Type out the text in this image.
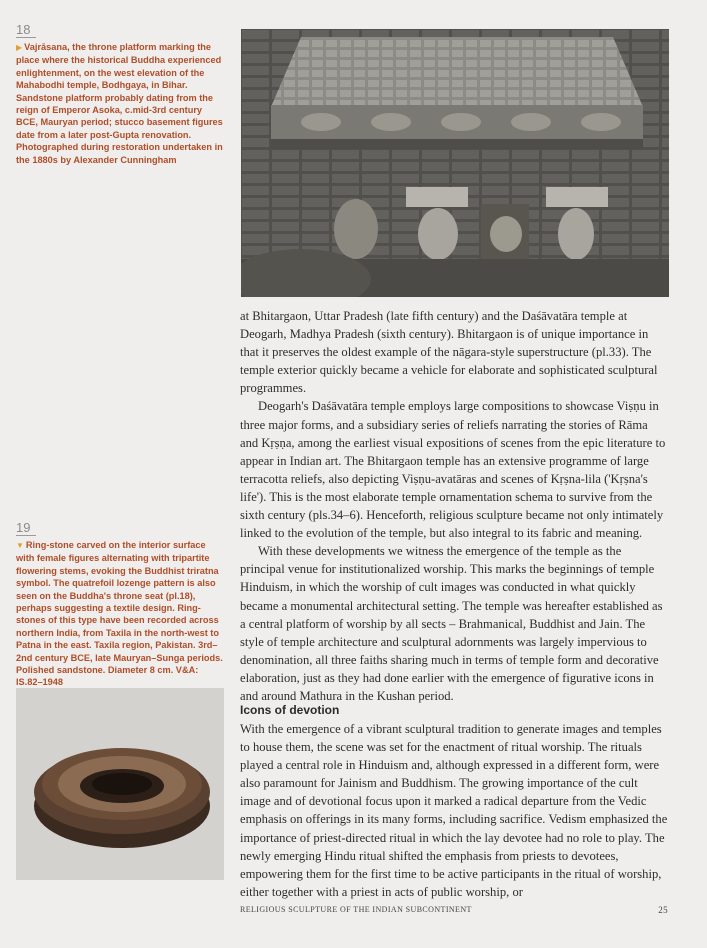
18
▶ Vajrāsana, the throne platform marking the place where the historical Buddha experienced enlightenment, on the west elevation of the Mahabodhi temple, Bodhgaya, in Bihar. Sandstone platform probably dating from the reign of Emperor Asoka, c.mid-3rd century BCE, Mauryan period; stucco basement figures date from a later post-Gupta renovation. Photographed during restoration undertaken in the 1880s by Alexander Cunningham

at Bhitargaon, Uttar Pradesh (late fifth century) and the Daśāvatāra temple at Deogarh, Madhya Pradesh (sixth century). Bhitargaon is of unique importance in that it preserves the oldest example of the nāgara-style superstructure (pl.33). The temple exterior quickly became a vehicle for elaborate and sophisticated sculptural programmes.

Deogarh's Daśāvatāra temple employs large compositions to showcase Viṣṇu in three major forms, and a subsidiary series of reliefs narrating the stories of Rāma and Kṛṣṇa, among the earliest visual expositions of scenes from the epic literature to appear in Indian art. The Bhitargaon temple has an extensive programme of large terracotta reliefs, also depicting Viṣṇu-avatāras and scenes of Kṛṣna-lila ('Kṛṣna's life'). This is the most elaborate temple ornamentation schema to survive from the sixth century (pls.34–6). Henceforth, religious sculpture became not only intimately linked to the evolution of the temple, but also integral to its fabric and meaning.

With these developments we witness the emergence of the temple as the principal venue for institutionalized worship. This marks the beginnings of temple Hinduism, in which the worship of cult images was conducted in what quickly became a monumental architectural setting. The temple was hereafter established as a central platform of worship by all sects – Brahmanical, Buddhist and Jain. The style of temple architecture and sculptural adornments was largely impervious to denomination, all three faiths sharing much in terms of temple form and decorative elaboration, just as they had done earlier with the emergence of figurative icons in and around Mathura in the Kushan period.

19
▼ Ring-stone carved on the interior surface with female figures alternating with tripartite flowering stems, evoking the Buddhist triratna symbol. The quatrefoil lozenge pattern is also seen on the Buddha's throne seat (pl.18), perhaps suggesting a textile design. Ring-stones of this type have been recorded across northern India, from Taxila in the north-west to Patna in the east. Taxila region, Pakistan. 3rd–2nd century BCE, late Mauryan–Sunga periods. Polished sandstone. Diameter 8 cm. V&A: IS.82–1948
Icons of devotion

With the emergence of a vibrant sculptural tradition to generate images and temples to house them, the scene was set for the enactment of ritual worship. The rituals played a central role in Hinduism and, although expressed in a different form, were also paramount for Jainism and Buddhism. The growing importance of the cult image and of devotional focus upon it marked a radical departure from the Vedic emphasis on offerings in its many forms, including sacrifice. Vedism emphasized the importance of priest-directed ritual in which the lay devotee had no role to play. The newly emerging Hindu ritual shifted the emphasis from priests to devotees, empowering them for the first time to be active participants in the ritual of worship, either together with a priest in acts of public worship, or

RELIGIOUS SCULPTURE OF THE INDIAN SUBCONTINENT	25
